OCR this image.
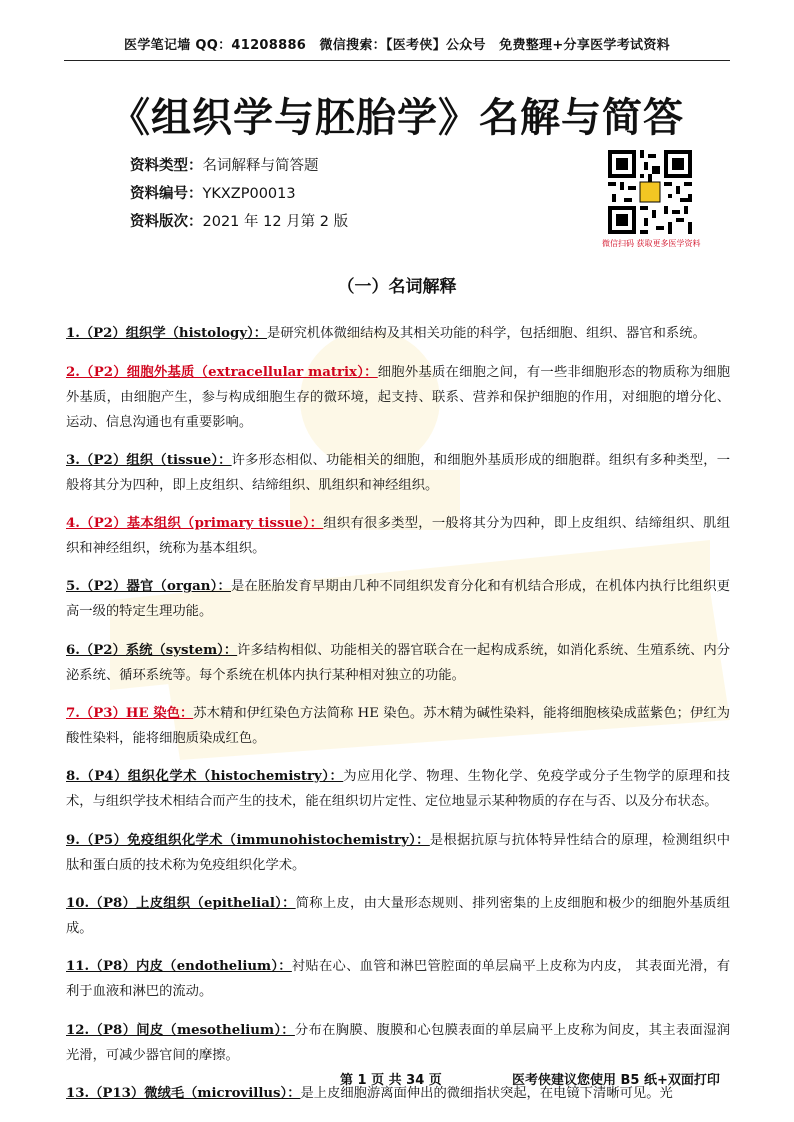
医学笔记墙 QQ：41208886　微信搜索：【医考侠】公众号　免费整理+分享医学考试资料
《组织学与胚胎学》名解与简答
资料类型：名词解释与简答题
资料编号：YKXZP00013
资料版次：2021 年 12 月第 2 版
微信扫码 获取更多医学资料
（一）名词解释

1.（P2）组织学（histology）：是研究机体微细结构及其相关功能的科学，包括细胞、组织、器官和系统。

2.（P2）细胞外基质（extracellular matrix）：细胞外基质在细胞之间，有一些非细胞形态的物质称为细胞外基质，由细胞产生，参与构成细胞生存的微环境，起支持、联系、营养和保护细胞的作用，对细胞的增分化、运动、信息沟通也有重要影响。

3.（P2）组织（tissue）：许多形态相似、功能相关的细胞，和细胞外基质形成的细胞群。组织有多种类型，一般将其分为四种，即上皮组织、结缔组织、肌组织和神经组织。

4.（P2）基本组织（primary tissue）：组织有很多类型，一般将其分为四种，即上皮组织、结缔组织、肌组织和神经组织，统称为基本组织。

5.（P2）器官（organ）：是在胚胎发育早期由几种不同组织发育分化和有机结合形成，在机体内执行比组织更高一级的特定生理功能。

6.（P2）系统（system）：许多结构相似、功能相关的器官联合在一起构成系统，如消化系统、生殖系统、内分泌系统、循环系统等。每个系统在机体内执行某种相对独立的功能。

7.（P3）HE 染色：苏木精和伊红染色方法简称 HE 染色。苏木精为碱性染料，能将细胞核染成蓝紫色；伊红为酸性染料，能将细胞质染成红色。

8.（P4）组织化学术（histochemistry）：为应用化学、物理、生物化学、免疫学或分子生物学的原理和技术，与组织学技术相结合而产生的技术，能在组织切片定性、定位地显示某种物质的存在与否、以及分布状态。

9.（P5）免疫组织化学术（immunohistochemistry）：是根据抗原与抗体特异性结合的原理，检测组织中肽和蛋白质的技术称为免疫组织化学术。

10.（P8）上皮组织（epithelial）：简称上皮，由大量形态规则、排列密集的上皮细胞和极少的细胞外基质组成。

11.（P8）内皮（endothelium）：衬贴在心、血管和淋巴管腔面的单层扁平上皮称为内皮， 其表面光滑，有利于血液和淋巴的流动。

12.（P8）间皮（mesothelium）：分布在胸膜、腹膜和心包膜表面的单层扁平上皮称为间皮，其主表面湿润光滑，可减少器官间的摩擦。

13.（P13）微绒毛（microvillus）：是上皮细胞游离面伸出的微细指状突起，在电镜下清晰可见。光

第 1 页 共 34 页	医考侠建议您使用 B5 纸+双面打印
